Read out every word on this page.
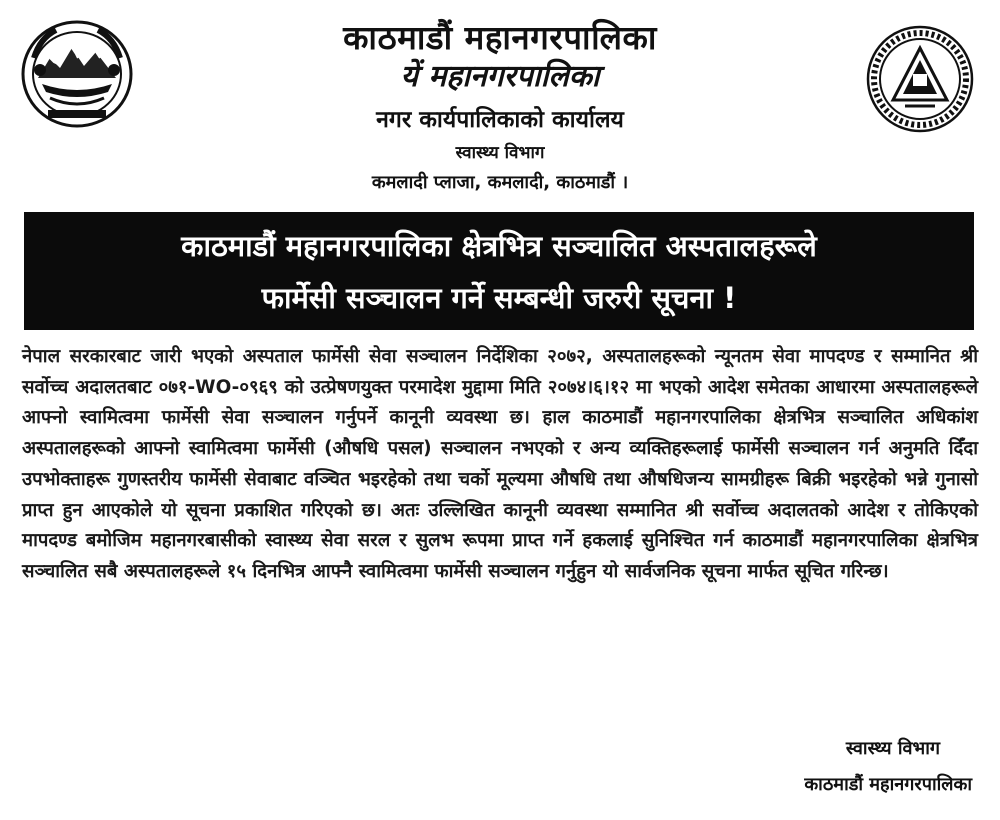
काठमाडौं महानगरपालिका
यें महानगरपालिका
नगर कार्यपालिकाको कार्यालय
स्वास्थ्य विभाग
कमलादी प्लाजा, कमलादी, काठमाडौं ।
काठमाडौं महानगरपालिका क्षेत्रभित्र सञ्चालित अस्पतालहरूले
फार्मेसी सञ्चालन गर्ने सम्बन्धी जरुरी सूचना !
नेपाल सरकारबाट जारी भएको अस्पताल फार्मेसी सेवा सञ्चालन निर्देशिका २०७२, अस्पतालहरूको न्यूनतम सेवा मापदण्ड र सम्मानित श्री सर्वोच्च अदालतबाट ०७१-WO-०९६९ को उत्प्रेषणयुक्त परमादेश मुद्दामा मिति २०७४।६।१२ मा भएको आदेश समेतका आधारमा अस्पतालहरूले आफ्नो स्वामित्वमा फार्मेसी सेवा सञ्चालन गर्नुपर्ने कानूनी व्यवस्था छ। हाल काठमाडौं महानगरपालिका क्षेत्रभित्र सञ्चालित अधिकांश अस्पतालहरूको आफ्नो स्वामित्वमा फार्मेसी (औषधि पसल) सञ्चालन नभएको र अन्य व्यक्तिहरूलाई फार्मेसी सञ्चालन गर्न अनुमति दिँदा उपभोक्ताहरू गुणस्तरीय फार्मेसी सेवाबाट वञ्चित भइरहेको तथा चर्को मूल्यमा औषधि तथा औषधिजन्य सामग्रीहरू बिक्री भइरहेको भन्ने गुनासो प्राप्त हुन आएकोले यो सूचना प्रकाशित गरिएको छ। अतः उल्लिखित कानूनी व्यवस्था सम्मानित श्री सर्वोच्च अदालतको आदेश र तोकिएको मापदण्ड बमोजिम महानगरबासीको स्वास्थ्य सेवा सरल र सुलभ रूपमा प्राप्त गर्ने हकलाई सुनिश्चित गर्न काठमाडौं महानगरपालिका क्षेत्रभित्र सञ्चालित सबै अस्पतालहरूले १५ दिनभित्र आफ्नै स्वामित्वमा फार्मेसी सञ्चालन गर्नुहुन यो सार्वजनिक सूचना मार्फत सूचित गरिन्छ।
स्वास्थ्य विभाग
काठमाडौं महानगरपालिका
